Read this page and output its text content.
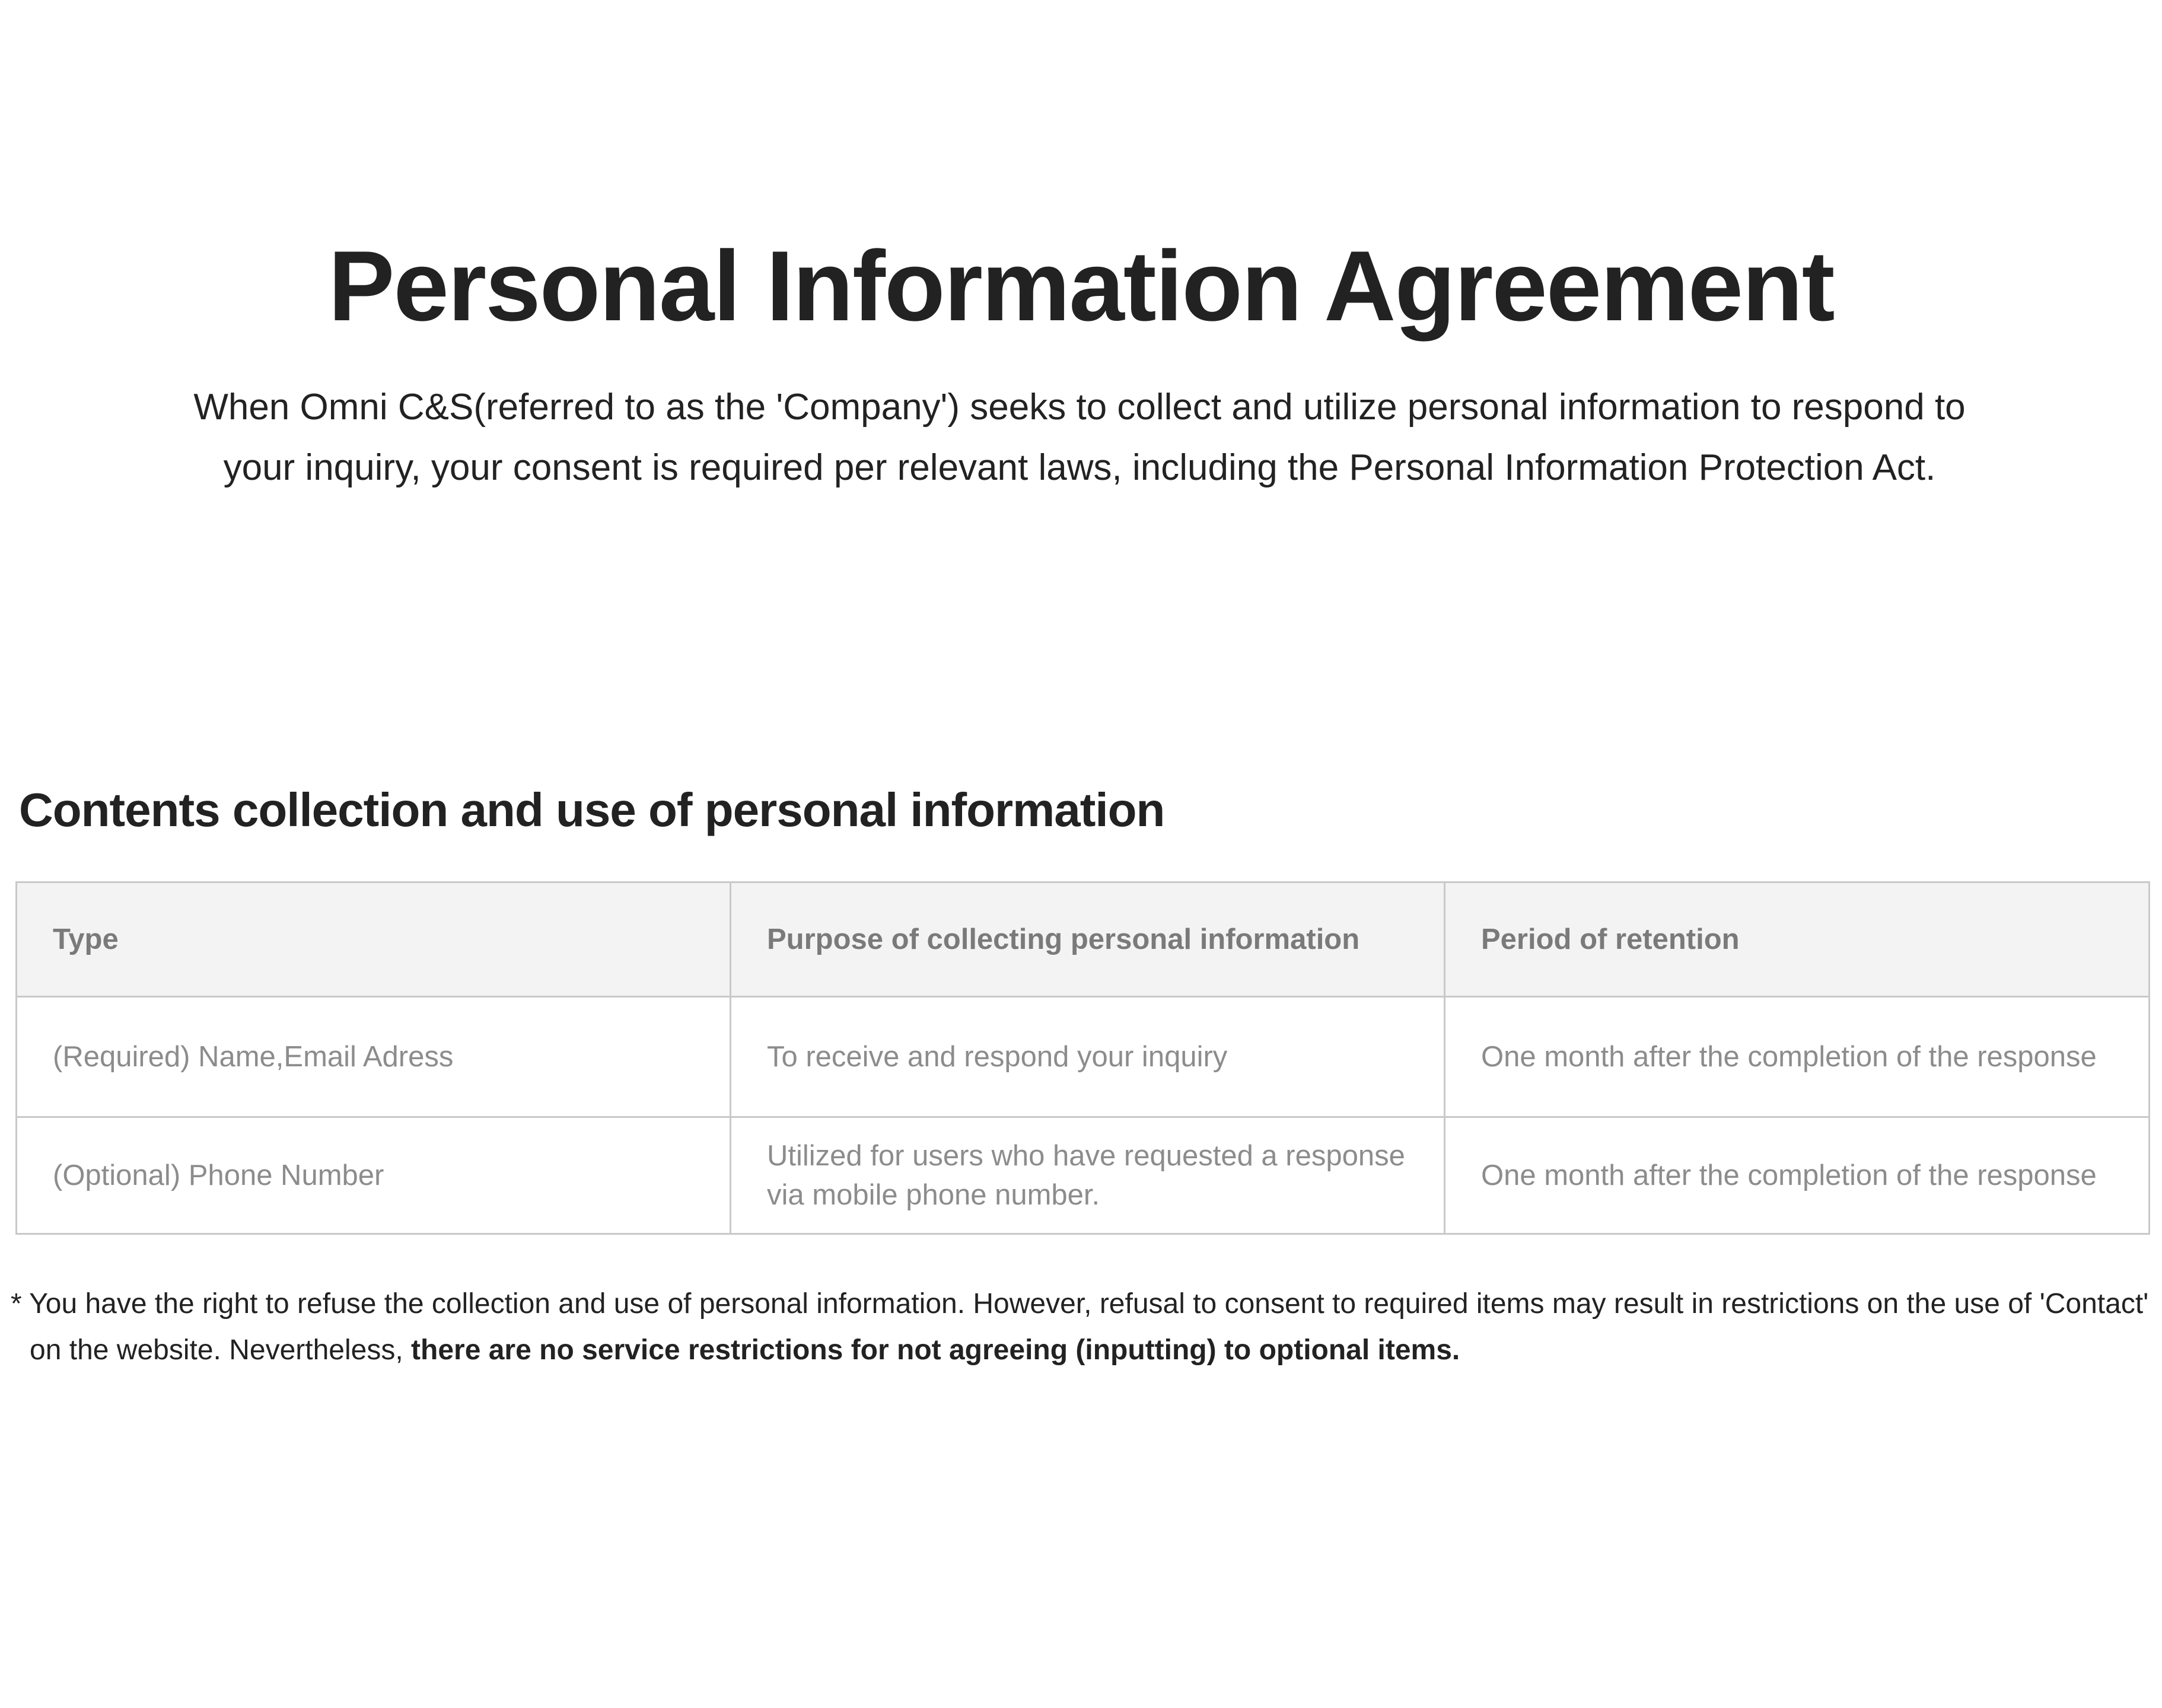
Personal Information Agreement

When Omni C&S(referred to as the 'Company') seeks to collect and utilize personal information to respond to
your inquiry, your consent is required per relevant laws, including the Personal Information Protection Act.

Contents collection and use of personal information
Type	Purpose of collecting personal information	Period of retention
(Required) Name,Email Adress	To receive and respond your inquiry	One month after the completion of the response
(Optional) Phone Number	Utilized for users who have requested a response via mobile phone number.	One month after the completion of the response

* You have the right to refuse the collection and use of personal information. However, refusal to consent to required items may result in restrictions on the use of 'Contact'
on the website. Nevertheless, there are no service restrictions for not agreeing (inputting) to optional items.
